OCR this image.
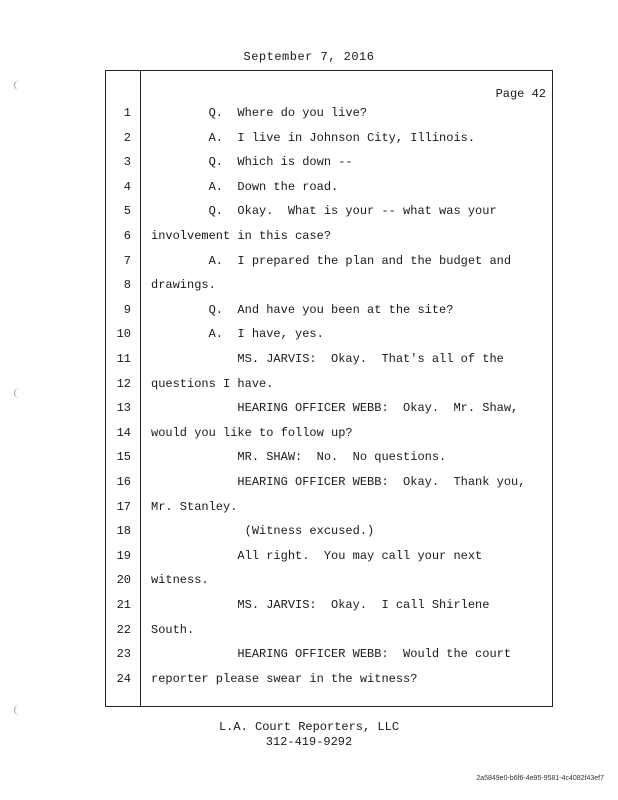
September 7, 2016
Page 42
1 Q.  Where do you live?
2 A.  I live in Johnson City, Illinois.
3 Q.  Which is down --
4 A.  Down the road.
5 Q.  Okay.  What is your -- what was your
6 involvement in this case?
7 A.  I prepared the plan and the budget and
8 drawings.
9 Q.  And have you been at the site?
10 A.  I have, yes.
11 MS. JARVIS:  Okay.  That's all of the
12 questions I have.
13 HEARING OFFICER WEBB:  Okay.  Mr. Shaw,
14 would you like to follow up?
15 MR. SHAW:  No.  No questions.
16 HEARING OFFICER WEBB:  Okay.  Thank you,
17 Mr. Stanley.
18 (Witness excused.)
19 All right.  You may call your next
20 witness.
21 MS. JARVIS:  Okay.  I call Shirlene
22 South.
23 HEARING OFFICER WEBB:  Would the court
24 reporter please swear in the witness?
L.A. Court Reporters, LLC
312-419-9292
2a5849e0-b6f6-4e95-9581-4c4082f43ef7
